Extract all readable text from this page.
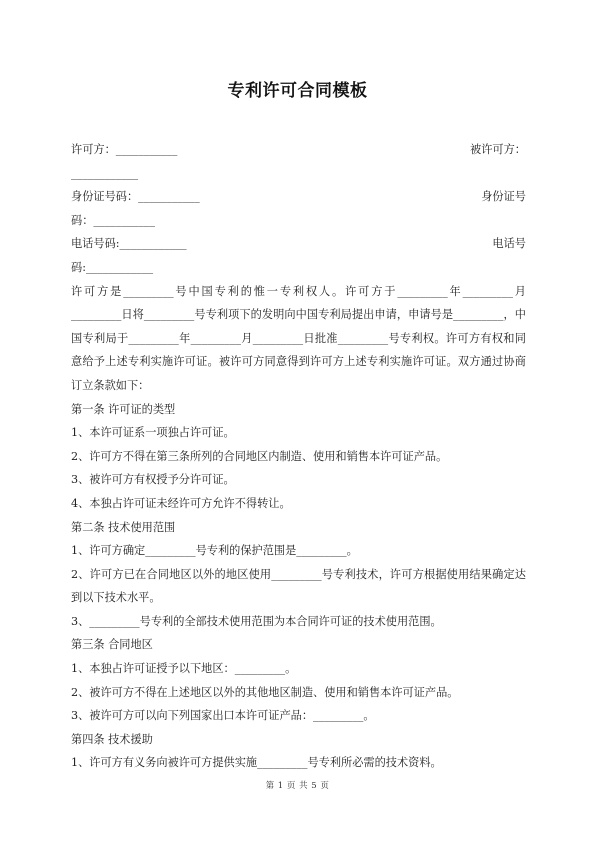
专利许可合同模板
许可方：___________	被许可方：
____________
身份证号码：___________	身份证号
码：___________
电话号码:____________	电话号
码:____________
许可方是_________号中国专利的惟一专利权人。许可方于_________年_________月_________日将_________号专利项下的发明向中国专利局提出申请，申请号是_________，中国专利局于_________年_________月_________日批准_________号专利权。许可方有权和同意给予上述专利实施许可证。被许可方同意得到许可方上述专利实施许可证。双方通过协商订立条款如下：
第一条 许可证的类型
1、本许可证系一项独占许可证。
2、许可方不得在第三条所列的合同地区内制造、使用和销售本许可证产品。
3、被许可方有权授予分许可证。
4、本独占许可证未经许可方允许不得转让。
第二条 技术使用范围
1、许可方确定_________号专利的保护范围是_________。
2、许可方已在合同地区以外的地区使用_________号专利技术，许可方根据使用结果确定达到以下技术水平。
3、_________号专利的全部技术使用范围为本合同许可证的技术使用范围。
第三条 合同地区
1、本独占许可证授予以下地区：_________。
2、被许可方不得在上述地区以外的其他地区制造、使用和销售本许可证产品。
3、被许可方可以向下列国家出口本许可证产品：_________。
第四条 技术援助
1、许可方有义务向被许可方提供实施_________号专利所必需的技术资料。
第 1 页 共 5 页
